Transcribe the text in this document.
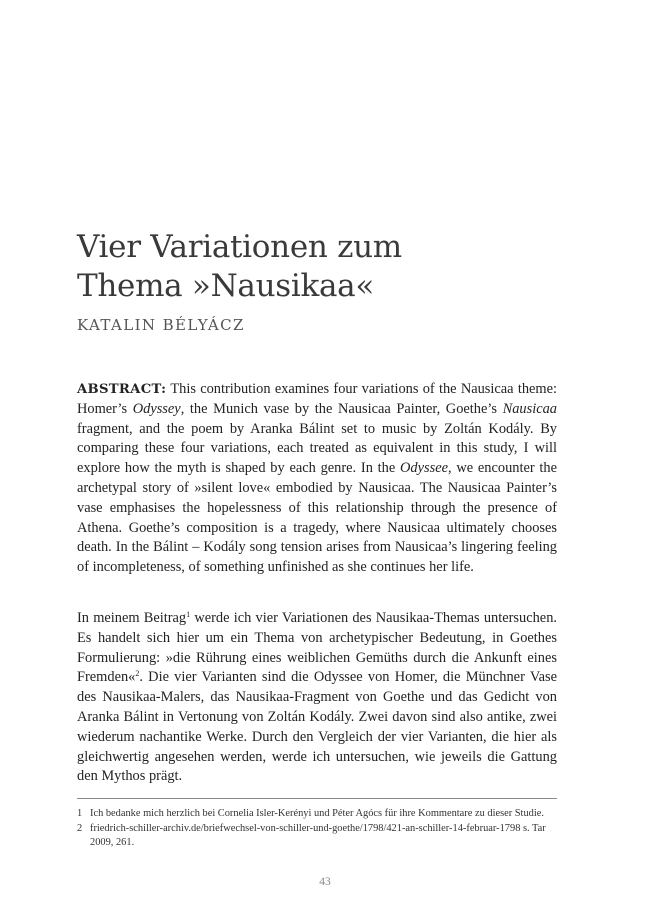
Vier Variationen zum
Thema »Nausikaa«
KATALIN BÉLYÁCZ

ABSTRACT: This contribution examines four variations of the Nausicaa theme: Homer’s Odyssey, the Munich vase by the Nausicaa Painter, Goethe’s Nausicaa fragment, and the poem by Aranka Bálint set to music by Zoltán Kodály. By comparing these four variations, each treated as equivalent in this study, I will explore how the myth is shaped by each genre. In the Odyssee, we encounter the archetypal story of »silent love« embodied by Nausicaa. The Nausicaa Painter’s vase emphasises the hopelessness of this relationship through the presence of Athena. Goethe’s composition is a tragedy, where Nausicaa ultimately chooses death. In the Bálint – Kodály song tension arises from Nausicaa’s lingering feeling of incompleteness, of something unfinished as she continues her life.

In meinem Beitrag$^1$ werde ich vier Variationen des Nausikaa-Themas untersuchen. Es handelt sich hier um ein Thema von archetypischer Bedeutung, in Goethes Formulierung: »die Rührung eines weiblichen Gemüths durch die Ankunft eines Fremden«$^2$. Die vier Varianten sind die Odyssee von Homer, die Münchner Vase des Nausikaa-Malers, das Nausikaa-Fragment von Goethe und das Gedicht von Aranka Bálint in Vertonung von Zoltán Kodály. Zwei davon sind also antike, zwei wiederum nachantike Werke. Durch den Vergleich der vier Varianten, die hier als gleichwertig angesehen werden, werde ich untersuchen, wie jeweils die Gattung den Mythos prägt.

1 Ich bedanke mich herzlich bei Cornelia Isler-Kerényi und Péter Agócs für ihre Kommentare zu dieser Studie.
2 friedrich-schiller-archiv.de/briefwechsel-von-schiller-und-goethe/1798/421-an-schiller-14-februar-1798 s. Tar 2009, 261.
43
